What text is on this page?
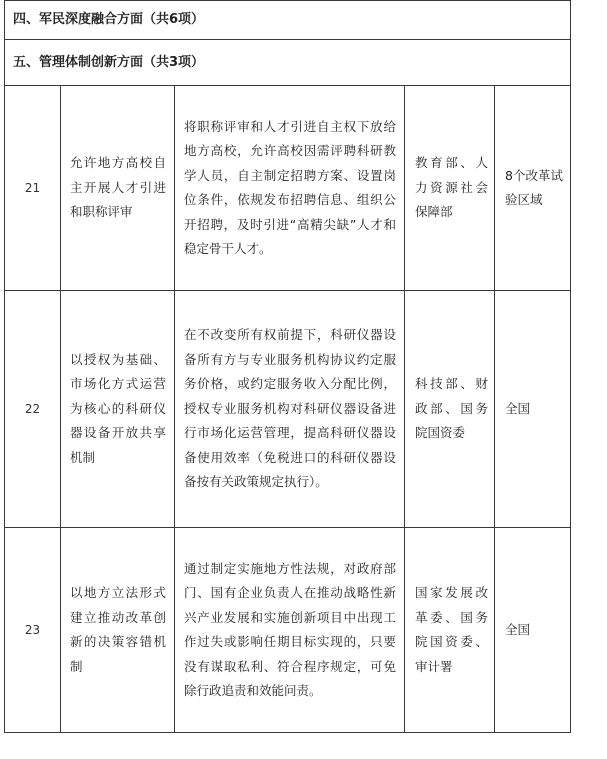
四、军民深度融合方面（共6项）				
五、管理体制创新方面（共3项）				
21	允许地方高校自主开展人才引进和职称评审	将职称评审和人才引进自主权下放给地方高校，允许高校因需评聘科研教学人员，自主制定招聘方案、设置岗位条件，依规发布招聘信息、组织公开招聘，及时引进“高精尖缺”人才和稳定骨干人才。	教育部、人力资源社会保障部	8个改革试验区域
22	以授权为基础、市场化方式运营为核心的科研仪器设备开放共享机制	在不改变所有权前提下，科研仪器设备所有方与专业服务机构协议约定服务价格，或约定服务收入分配比例，授权专业服务机构对科研仪器设备进行市场化运营管理，提高科研仪器设备使用效率（免税进口的科研仪器设备按有关政策规定执行）。	科技部、财政部、国务院国资委	全国
23	以地方立法形式建立推动改革创新的决策容错机制	通过制定实施地方性法规，对政府部门、国有企业负责人在推动战略性新兴产业发展和实施创新项目中出现工作过失或影响任期目标实现的，只要没有谋取私利、符合程序规定，可免除行政追责和效能问责。	国家发展改革委、国务院国资委、审计署	全国
